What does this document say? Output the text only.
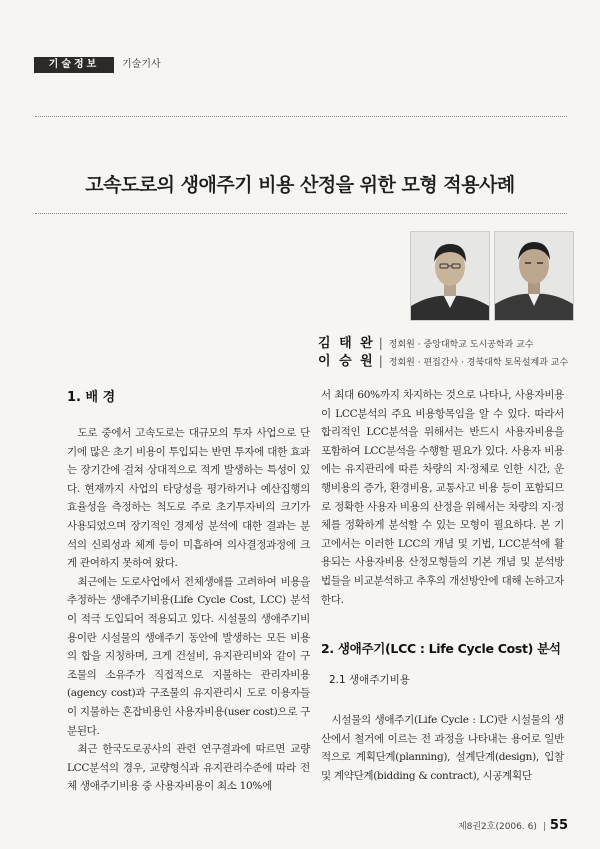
기술정보	기술기사
고속도로의 생애주기 비용 산정을 위한 모형 적용사례
김 태 완 | 정회원 · 중앙대학교 도시공학과 교수
이 승 원 | 정회원 · 편집간사 · 경북대학 토목설계과 교수
1. 배 경

도로 중에서 고속도로는 대규모의 투자 사업으로 단기에 많은 초기 비용이 투입되는 반면 투자에 대한 효과는 장기간에 걸쳐 상대적으로 적게 발생하는 특성이 있다. 현재까지 사업의 타당성을 평가하거나 예산집행의 효율성을 측정하는 척도로 주로 초기투자비의 크기가 사용되었으며 장기적인 경제성 분석에 대한 결과는 분석의 신뢰성과 체계 등이 미흡하여 의사결정과정에 크게 관여하지 못하여 왔다.

최근에는 도로사업에서 전체생애를 고려하여 비용을 추정하는 생애주기비용(Life Cycle Cost, LCC) 분석이 적극 도입되어 적용되고 있다. 시설물의 생애주기비용이란 시설물의 생애주기 동안에 발생하는 모든 비용의 합을 지칭하며, 크게 건설비, 유지관리비와 같이 구조물의 소유주가 직접적으로 지불하는 관리자비용(agency cost)과 구조물의 유지관리시 도로 이용자들이 지불하는 혼잡비용인 사용자비용(user cost)으로 구분된다.

최근 한국도로공사의 관련 연구결과에 따르면 교량 LCC분석의 경우, 교량형식과 유지관리수준에 따라 전체 생애주기비용 중 사용자비용이 최소 10%에

서 최대 60%까지 차지하는 것으로 나타나, 사용자비용이 LCC분석의 주요 비용항목임을 알 수 있다. 따라서 합리적인 LCC분석을 위해서는 반드시 사용자비용을 포함하여 LCC분석을 수행할 필요가 있다. 사용자 비용에는 유지관리에 따른 차량의 지·정체로 인한 시간, 운행비용의 증가, 환경비용, 교통사고 비용 등이 포함되므로 정확한 사용자 비용의 산정을 위해서는 차량의 지·정체를 정확하게 분석할 수 있는 모형이 필요하다. 본 기고에서는 이러한 LCC의 개념 및 기법, LCC분석에 활용되는 사용자비용 산정모형들의 기본 개념 및 분석방법들을 비교분석하고 추후의 개선방안에 대해 논하고자 한다.

2. 생애주기(LCC : Life Cycle Cost) 분석
2.1 생애주기비용

시설물의 생애주기(Life Cycle : LC)란 시설물의 생산에서 철거에 이르는 전 과정을 나타내는 용어로 일반적으로 계획단계(planning), 설계단계(design), 입찰 및 계약단계(bidding & contract), 시공계획단

제8권2호(2006. 6) | 55
